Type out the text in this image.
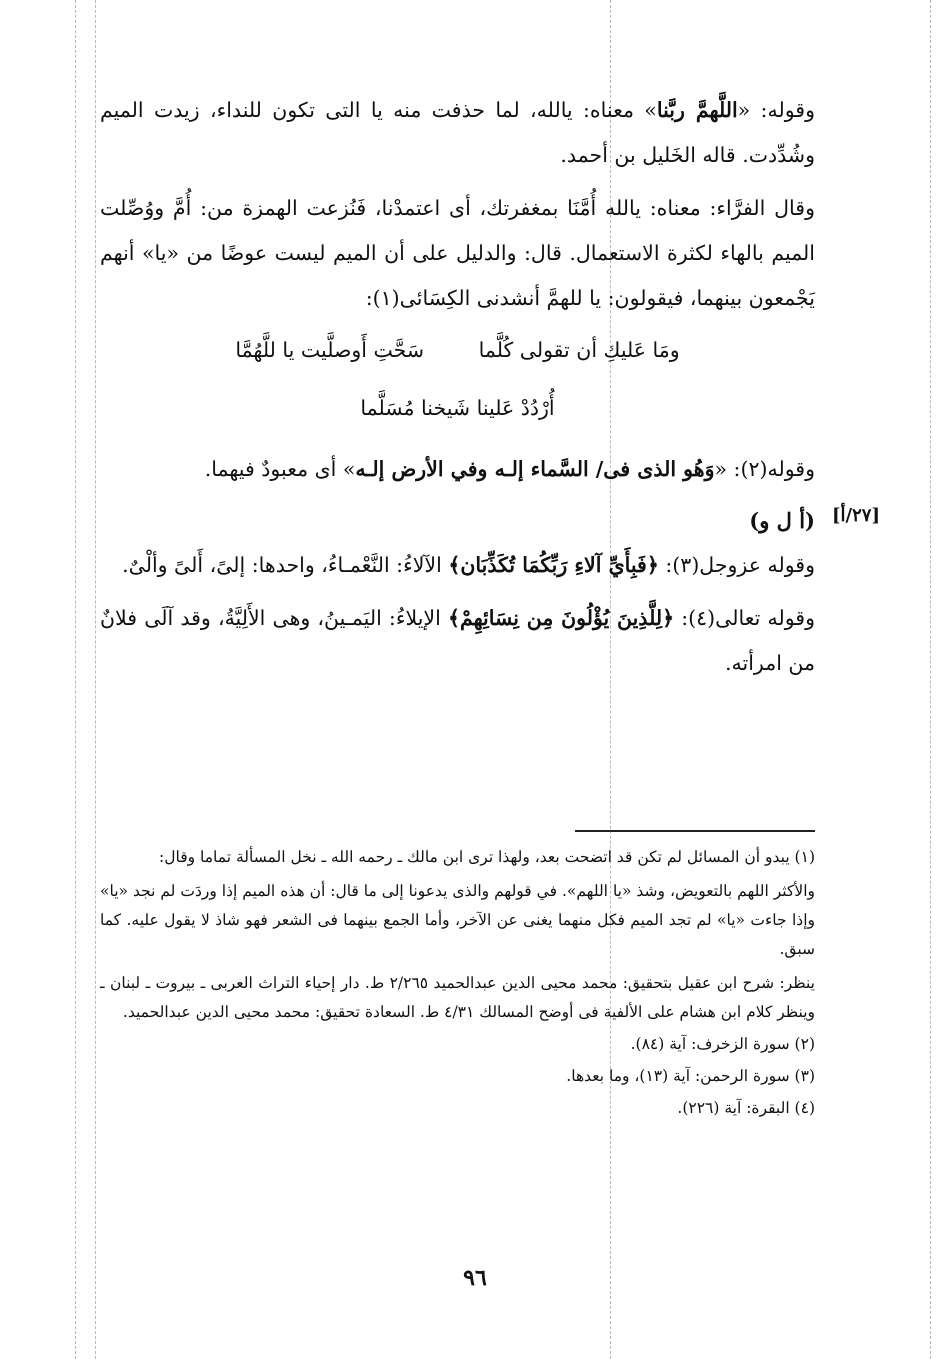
[٢٧/أ]

وقوله: «اللَّهمَّ ربَّنا» معناه: يالله، لما حذفت منه يا التى تكون للنداء، زيدت الميم وشُدِّدت. قاله الخَليل بن أحمد.

وقال الفرَّاء: معناه: يالله أُمَّنَا بمغفرتك، أى اعتمدْنا، فَنُزعت الهمزة من: أُمَّ ووُصِّلت الميم بالهاء لكثرة الاستعمال. قال: والدليل على أن الميم ليست عوضًا من «يا» أنهم يَجْمعون بينهما، فيقولون: يا للهمَّ أنشدنى الكِسَائى(١):

ومَا عَليكِ أن تقولى كُلَّما سَحَّتِ أَوصلَّيت يا للَّهُمَّا

أُرْدُدْ عَلينا شَيخنا مُسَلَّما

وقوله(٢): «وَهُو الذى فى/ السَّماء إلـه وفي الأرض إلـه» أى معبودٌ فيهما.

(أ ل و)

وقوله عزوجل(٣): ﴿فَبِأَيِّ آلاءِ رَبِّكُمَا تُكَذِّبَان﴾ الآلاءُ: النَّعْمـاءُ، واحدها: إلىً، أَلىً وألْىٌ.

وقوله تعالى(٤): ﴿لِلَّذِينَ يُؤْلُونَ مِن نِسَائِهِمْ﴾ الإيلاءُ: اليَمـينُ، وهى الأَلِيَّةُ، وقد آلَى فلانٌ من امرأته.

(١) يبدو أن المسائل لم تكن قد اتضحت بعد، ولهذا ترى ابن مالك ـ رحمه الله ـ نخل المسألة تماما وقال:

والأكثر اللهم بالتعويض، وشذ «يا اللهم». في قولهم والذى يدعونا إلى ما قال: أن هذه الميم إذا وردَت لم نجد «يا» وإذا جاءت «يا» لم تجد الميم فكل منهما يغنى عن الآخر، وأما الجمع بينهما فى الشعر فهو شاذ لا يقول عليه. كما سبق.

ينظر: شرح ابن عقيل بتحقيق: محمد محيى الدين عبدالحميد ٢/٢٦٥ ط. دار إحياء التراث العربى ـ بيروت ـ لبنان ـ وينظر كلام ابن هشام على الألفية فى أوضح المسالك ٤/٣١ ط. السعادة تحقيق: محمد محيى الدين عبدالحميد.

(٢) سورة الزخرف: آية (٨٤).

(٣) سورة الرحمن: آية (١٣)، وما بعدها.

(٤) البقرة: آية (٢٢٦).

٩٦
